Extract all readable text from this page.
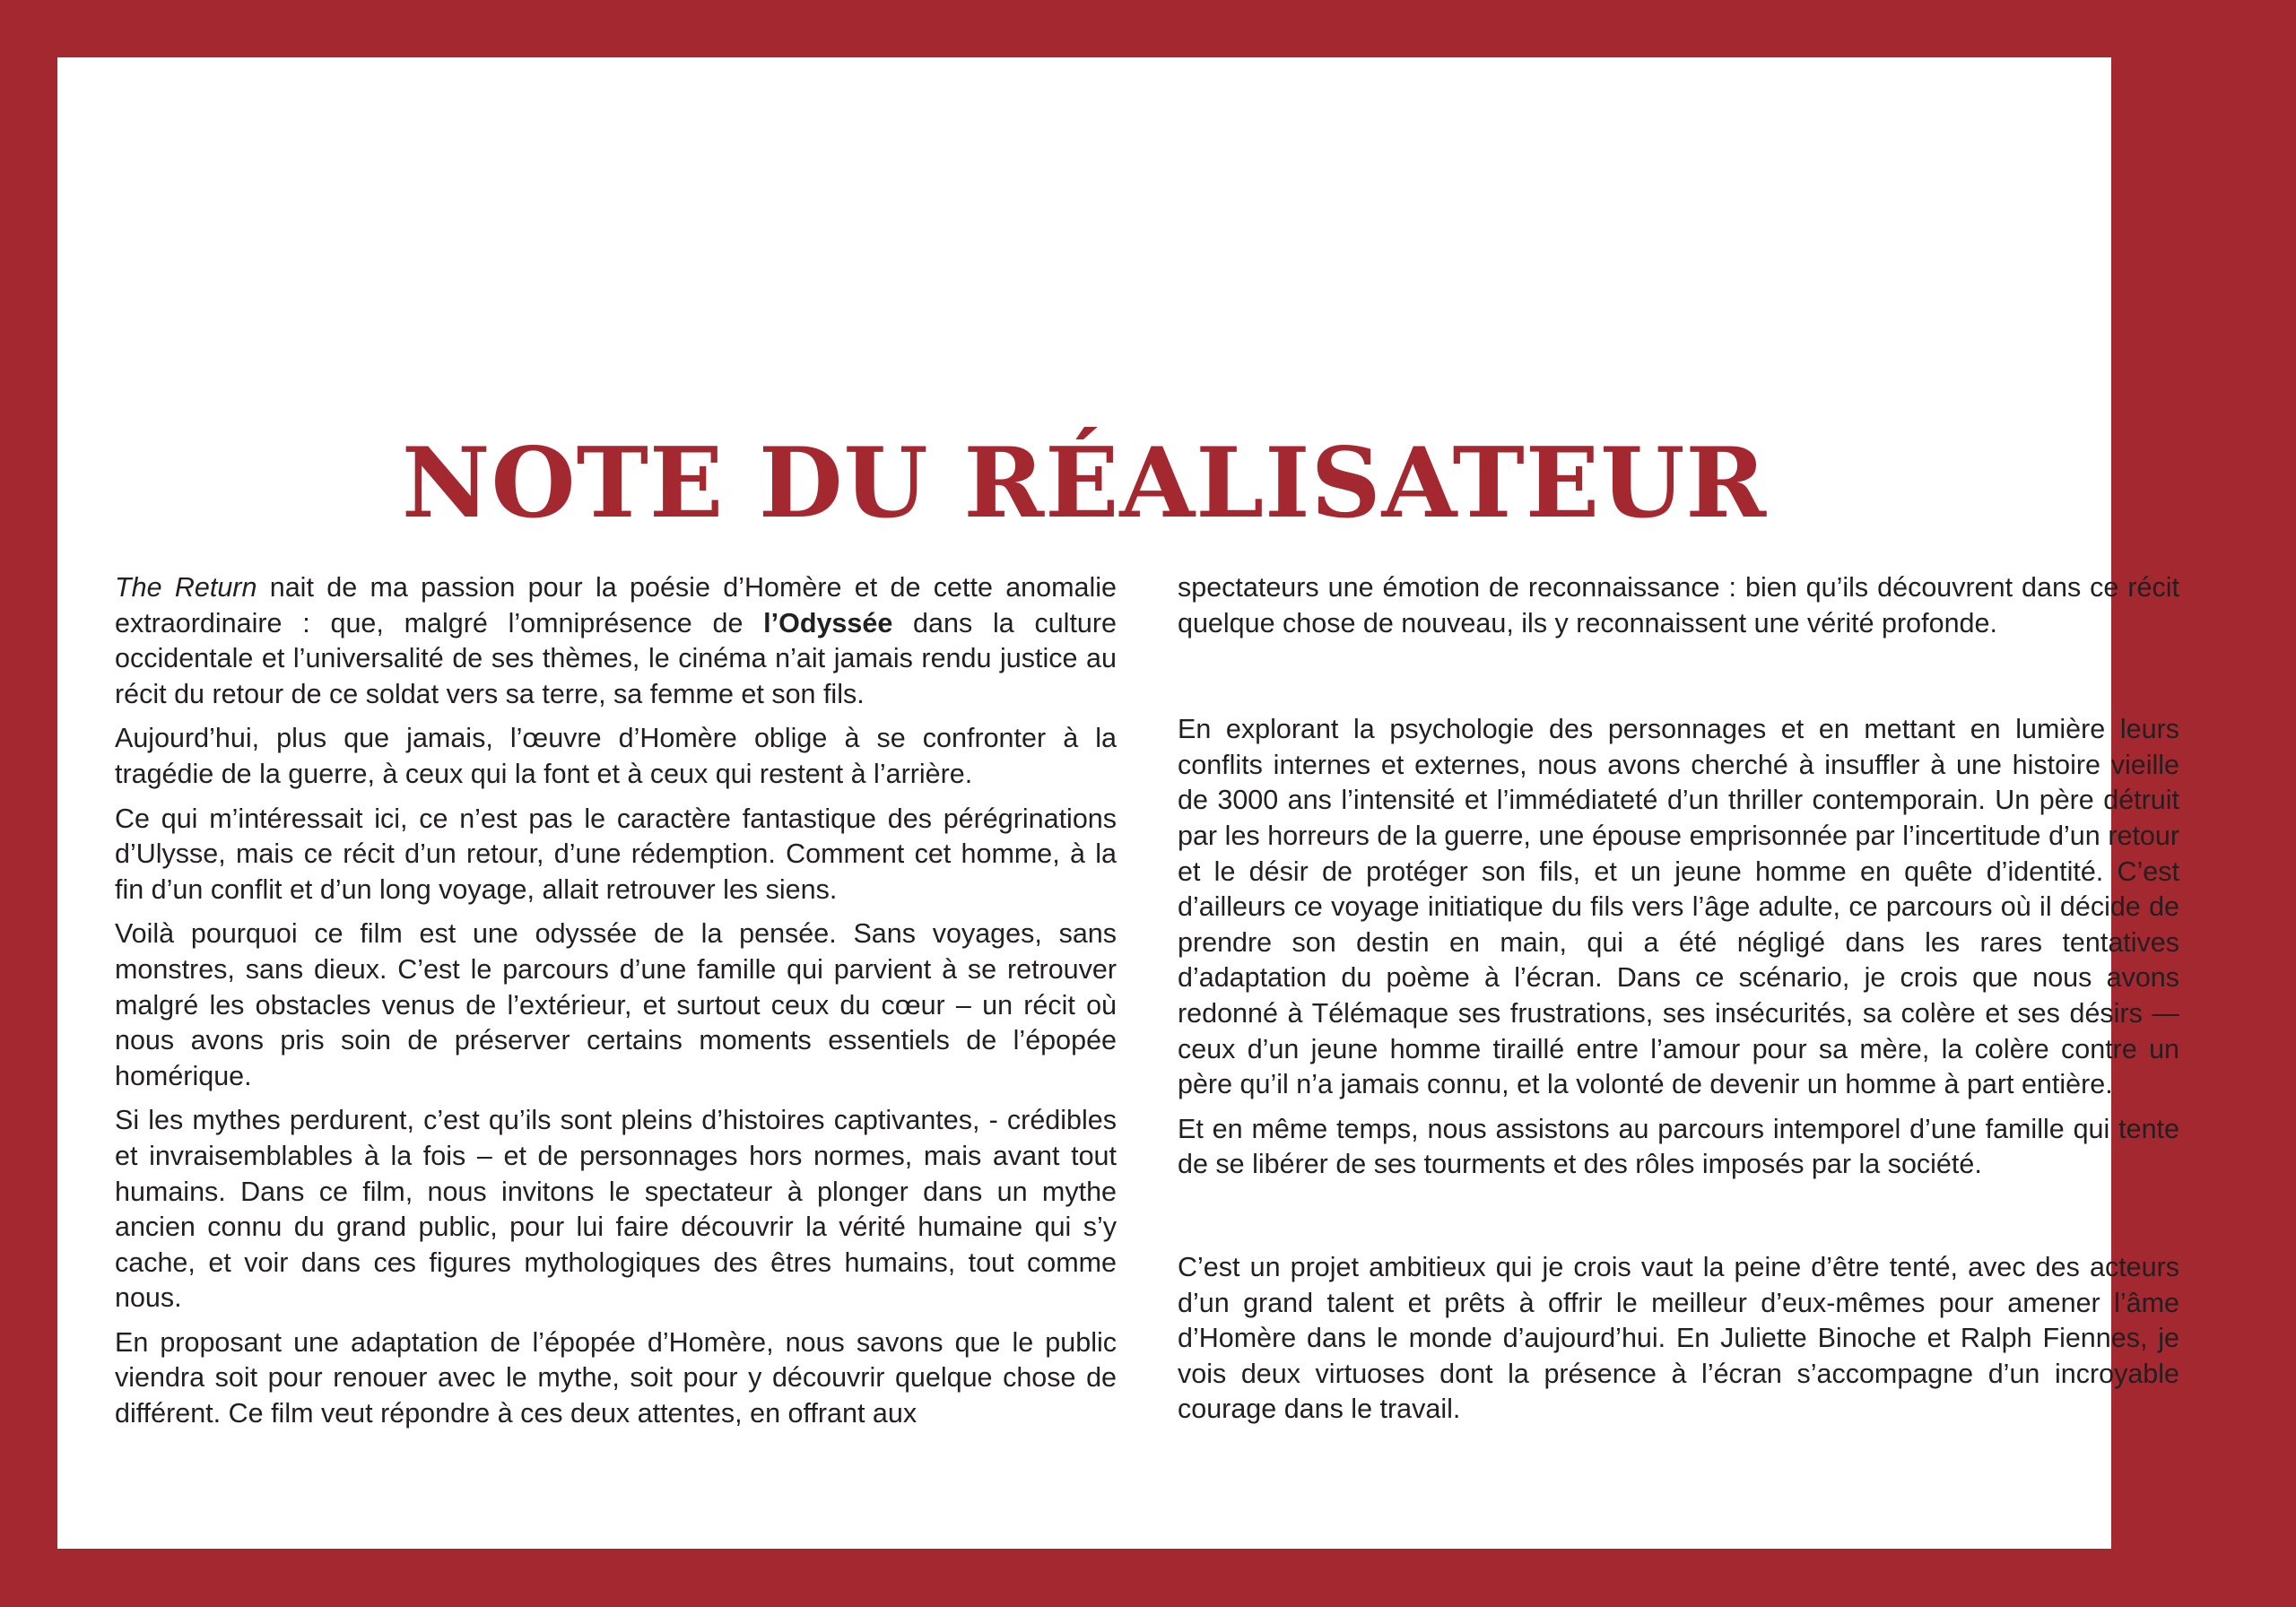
NOTE DU RÉALISATEUR

The Return nait de ma passion pour la poésie d’Homère et de cette anomalie extraordinaire : que, malgré l’omniprésence de l’Odyssée dans la culture occidentale et l’universalité de ses thèmes, le cinéma n’ait jamais rendu justice au récit du retour de ce soldat vers sa terre, sa femme et son fils.

Aujourd’hui, plus que jamais, l’œuvre d’Homère oblige à se confronter à la tragédie de la guerre, à ceux qui la font et à ceux qui restent à l’arrière.

Ce qui m’intéressait ici, ce n’est pas le caractère fantastique des pérégrinations d’Ulysse, mais ce récit d’un retour, d’une rédemption. Comment cet homme, à la fin d’un conflit et d’un long voyage, allait retrouver les siens.

Voilà pourquoi ce film est une odyssée de la pensée. Sans voyages, sans monstres, sans dieux. C’est le parcours d’une famille qui parvient à se retrouver malgré les obstacles venus de l’extérieur, et surtout ceux du cœur – un récit où nous avons pris soin de préserver certains moments essentiels de l’épopée homérique.

Si les mythes perdurent, c’est qu’ils sont pleins d’histoires captivantes, - crédibles et invraisemblables à la fois – et de personnages hors normes, mais avant tout humains. Dans ce film, nous invitons le spectateur à plonger dans un mythe ancien connu du grand public, pour lui faire découvrir la vérité humaine qui s’y cache, et voir dans ces figures mythologiques des êtres humains, tout comme nous.

En proposant une adaptation de l’épopée d’Homère, nous savons que le public viendra soit pour renouer avec le mythe, soit pour y découvrir quelque chose de différent. Ce film veut répondre à ces deux attentes, en offrant aux

spectateurs une émotion de reconnaissance : bien qu’ils découvrent dans ce récit quelque chose de nouveau, ils y reconnaissent une vérité profonde.

En explorant la psychologie des personnages et en mettant en lumière leurs conflits internes et externes, nous avons cherché à insuffler à une histoire vieille de 3000 ans l’intensité et l’immédiateté d’un thriller contemporain. Un père détruit par les horreurs de la guerre, une épouse emprisonnée par l’incertitude d’un retour et le désir de protéger son fils, et un jeune homme en quête d’identité. C’est d’ailleurs ce voyage initiatique du fils vers l’âge adulte, ce parcours où il décide de prendre son destin en main, qui a été négligé dans les rares tentatives d’adaptation du poème à l’écran. Dans ce scénario, je crois que nous avons redonné à Télémaque ses frustrations, ses insécurités, sa colère et ses désirs — ceux d’un jeune homme tiraillé entre l’amour pour sa mère, la colère contre un père qu’il n’a jamais connu, et la volonté de devenir un homme à part entière.

Et en même temps, nous assistons au parcours intemporel d’une famille qui tente de se libérer de ses tourments et des rôles imposés par la société.

C’est un projet ambitieux qui je crois vaut la peine d’être tenté, avec des acteurs d’un grand talent et prêts à offrir le meilleur d’eux-mêmes pour amener l’âme d’Homère dans le monde d’aujourd’hui. En Juliette Binoche et Ralph Fiennes, je vois deux virtuoses dont la présence à l’écran s’accompagne d’un incroyable courage dans le travail.
